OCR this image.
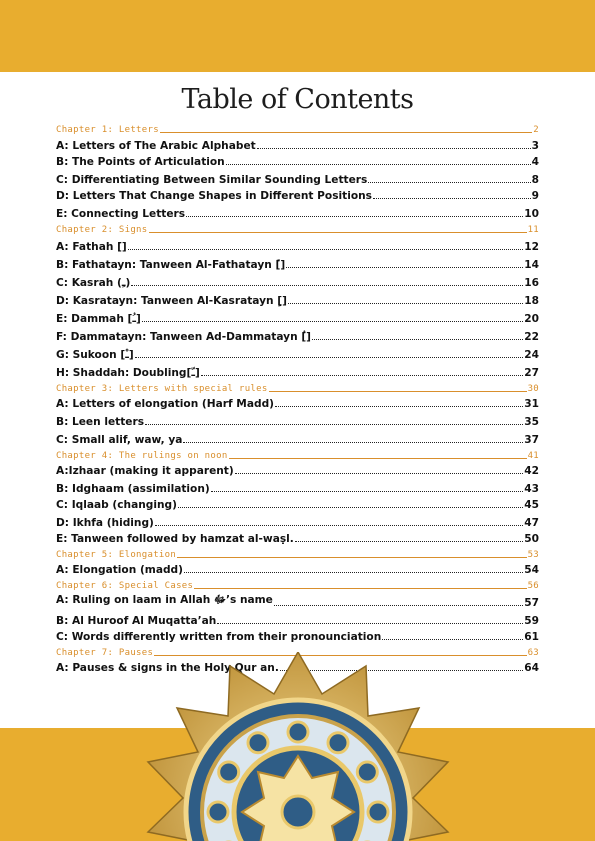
Table of Contents
Chapter 1: Letters	2
A: Letters of The Arabic Alphabet	3
B: The Points of Articulation	4
C: Differentiating Between Similar Sounding Letters	8
D: Letters That Change Shapes in Different Positions	9
E: Connecting Letters	10
Chapter 2: Signs	11
A: Fathah [َ]	12
B: Fathatayn: Tanween Al-Fathatayn [ً]	14
C: Kasrah (ـِ)	16
D: Kasratayn: Tanween Al-Kasratayn [ٍ]	18
E: Dammah [ـُ]	20
F: Dammatayn: Tanween Ad-Dammatayn [ٌ]	22
G: Sukoon [ـْ]	24
H: Shaddah: Doubling[ـّ]	27
Chapter 3: Letters with special rules	30
A: Letters of elongation (Harf Madd)	31
B: Leen letters	35
C: Small alif, waw, ya	37
Chapter 4: The rulings on noon	41
A:Izhaar (making it apparent)	42
B: Idghaam (assimilation)	43
C: Iqlaab (changing)	45
D: Ikhfa (hiding)	47
E: Tanween followed by hamzat al-waṣl.	50
Chapter 5: Elongation	53
A: Elongation (madd)	54
Chapter 6: Special Cases	56
A: Ruling on laam in Allah ﷻ’s name	57
B: Al Huroof Al Muqatta’ah	59
C: Words differently written from their pronounciation	61
Chapter 7: Pauses	63
A: Pauses & signs in the Holy Qur an.	64
